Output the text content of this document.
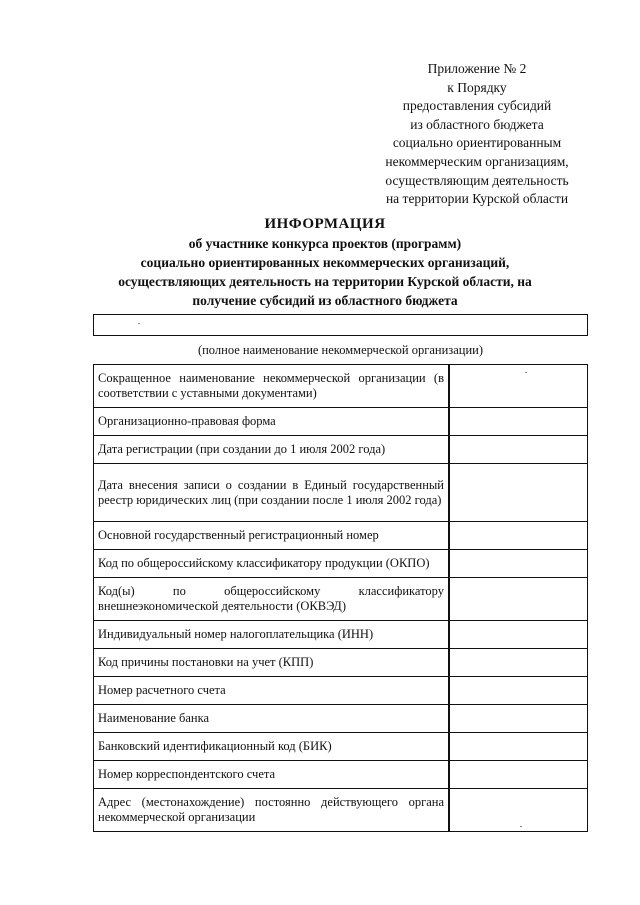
Приложение № 2
к Порядку
предоставления субсидий
из областного бюджета
социально ориентированным
некоммерческим организациям,
осуществляющим деятельность
на территории Курской области
ИНФОРМАЦИЯ
об участнике конкурса проектов (программ)
социально ориентированных некоммерческих организаций,
осуществляющих деятельность на территории Курской области, на
получение субсидий из областного бюджета
(полное наименование некоммерческой организации)
Сокращенное наименование некоммерческой организации (в соответствии с уставными документами)	
Организационно-правовая форма	
Дата регистрации (при создании до 1 июля 2002 года)	
Дата внесения записи о создании в Единый государственный реестр юридических лиц (при создании после 1 июля 2002 года)	
Основной государственный регистрационный номер	
Код по общероссийскому классификатору продукции (ОКПО)	
Код(ы) по общероссийскому классификатору внешнеэкономической деятельности (ОКВЭД)	
Индивидуальный номер налогоплательщика (ИНН)	
Код причины постановки на учет (КПП)	
Номер расчетного счета	
Наименование банка	
Банковский идентификационный код (БИК)	
Номер корреспондентского счета	
Адрес (местонахождение) постоянно действующего органа некоммерческой организации	
